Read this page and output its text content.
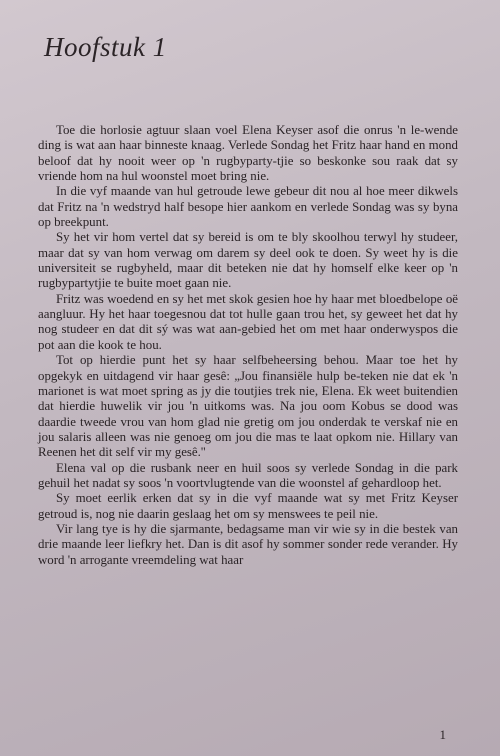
Hoofstuk 1

Toe die horlosie agtuur slaan voel Elena Keyser asof die onrus 'n le-wende ding is wat aan haar binneste knaag. Verlede Sondag het Fritz haar hand en mond beloof dat hy nooit weer op 'n rugbyparty-tjie so beskonke sou raak dat sy vriende hom na hul woonstel moet bring nie.

In die vyf maande van hul getroude lewe gebeur dit nou al hoe meer dikwels dat Fritz na 'n wedstryd half besope hier aankom en verlede Sondag was sy byna op breekpunt.

Sy het vir hom vertel dat sy bereid is om te bly skoolhou terwyl hy studeer, maar dat sy van hom verwag om darem sy deel ook te doen. Sy weet hy is die universiteit se rugbyheld, maar dit beteken nie dat hy homself elke keer op 'n rugbypartytjie te buite moet gaan nie.

Fritz was woedend en sy het met skok gesien hoe hy haar met bloedbelope oë aangluur. Hy het haar toegesnou dat tot hulle gaan trou het, sy geweet het dat hy nog studeer en dat dit sý was wat aan-gebied het om met haar onderwyspos die pot aan die kook te hou.

Tot op hierdie punt het sy haar selfbeheersing behou. Maar toe het hy opgekyk en uitdagend vir haar gesê: „Jou finansiële hulp be-teken nie dat ek 'n marionet is wat moet spring as jy die toutjies trek nie, Elena. Ek weet buitendien dat hierdie huwelik vir jou 'n uitkoms was. Na jou oom Kobus se dood was daardie tweede vrou van hom glad nie gretig om jou onderdak te verskaf nie en jou salaris alleen was nie genoeg om jou die mas te laat opkom nie. Hillary van Reenen het dit self vir my gesê.''

Elena val op die rusbank neer en huil soos sy verlede Sondag in die park gehuil het nadat sy soos 'n voortvlugtende van die woonstel af gehardloop het.

Sy moet eerlik erken dat sy in die vyf maande wat sy met Fritz Keyser getroud is, nog nie daarin geslaag het om sy menswees te peil nie.

Vir lang tye is hy die sjarmante, bedagsame man vir wie sy in die bestek van drie maande leer liefkry het. Dan is dit asof hy sommer sonder rede verander. Hy word 'n arrogante vreemdeling wat haar

1
